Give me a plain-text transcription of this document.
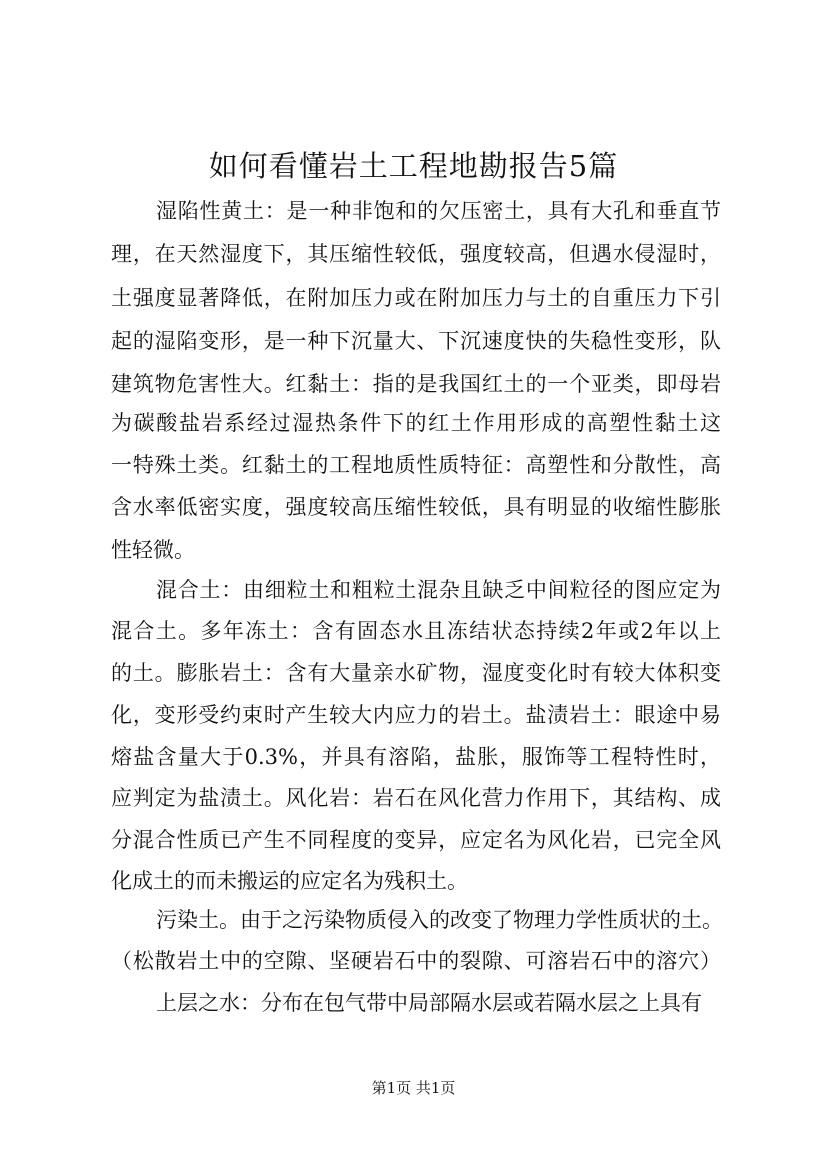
如何看懂岩土工程地勘报告5篇
湿陷性黄土：是一种非饱和的欠压密土，具有大孔和垂直节
理，在天然湿度下，其压缩性较低，强度较高，但遇水侵湿时，
土强度显著降低，在附加压力或在附加压力与土的自重压力下引
起的湿陷变形，是一种下沉量大、下沉速度快的失稳性变形，队
建筑物危害性大。红黏土：指的是我国红土的一个亚类，即母岩
为碳酸盐岩系经过湿热条件下的红土作用形成的高塑性黏土这
一特殊土类。红黏土的工程地质性质特征：高塑性和分散性，高
含水率低密实度，强度较高压缩性较低，具有明显的收缩性膨胀
性轻微。
混合土：由细粒土和粗粒土混杂且缺乏中间粒径的图应定为
混合土。多年冻土：含有固态水且冻结状态持续2年或2年以上
的土。膨胀岩土：含有大量亲水矿物，湿度变化时有较大体积变
化，变形受约束时产生较大内应力的岩土。盐渍岩土：眼途中易
熔盐含量大于0.3%，并具有溶陷，盐胀，服饰等工程特性时，
应判定为盐渍土。风化岩：岩石在风化营力作用下，其结构、成
分混合性质已产生不同程度的变异，应定名为风化岩，已完全风
化成土的而未搬运的应定名为残积土。
污染土。由于之污染物质侵入的改变了物理力学性质状的土。
（松散岩土中的空隙、坚硬岩石中的裂隙、可溶岩石中的溶穴）
上层之水：分布在包气带中局部隔水层或若隔水层之上具有
第1页 共1页
